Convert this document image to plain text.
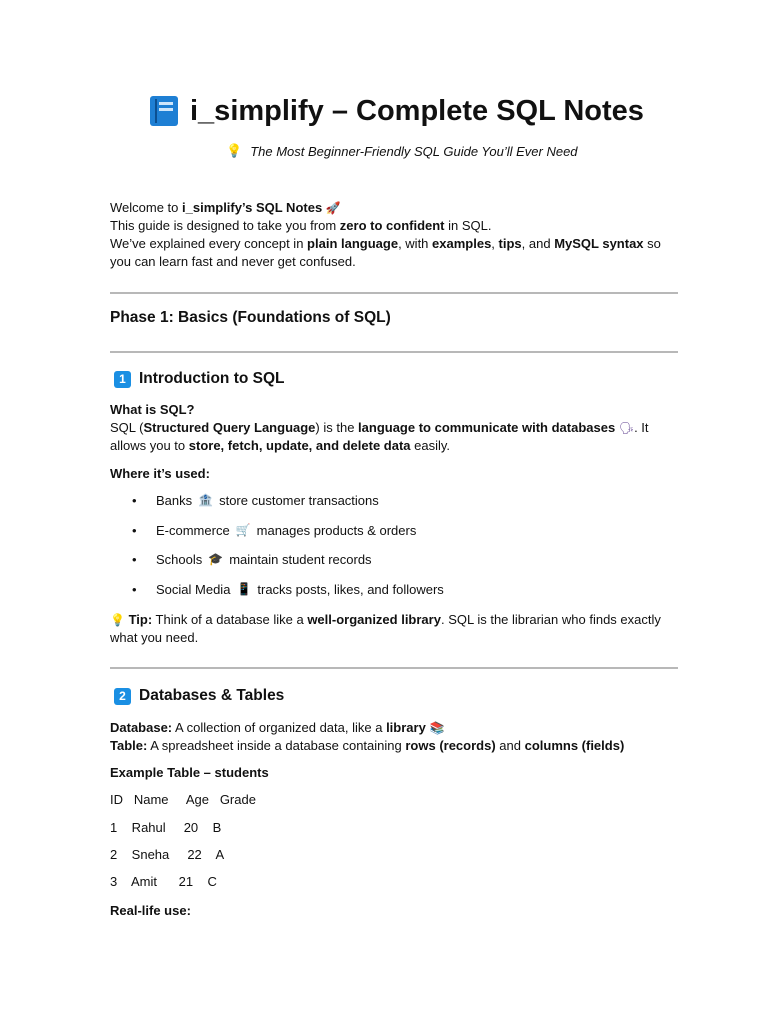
i_simplify – Complete SQL Notes
💡 The Most Beginner-Friendly SQL Guide You’ll Ever Need

Welcome to i_simplify’s SQL Notes 🚀

This guide is designed to take you from zero to confident in SQL.

We’ve explained every concept in plain language, with examples, tips, and MySQL syntax so you can learn fast and never get confused.

Phase 1: Basics (Foundations of SQL)
1 Introduction to SQL

What is SQL?

SQL (Structured Query Language) is the language to communicate with databases 🗣. It allows you to store, fetch, update, and delete data easily.

Where it’s used:

•
Banks 🏦 store customer transactions
•
E-commerce 🛒 manages products & orders
•
Schools 🎓 maintain student records
•
Social Media 📱 tracks posts, likes, and followers

💡 Tip: Think of a database like a well-organized library. SQL is the librarian who finds exactly what you need.

2 Databases & Tables

Database: A collection of organized data, like a library 📚

Table: A spreadsheet inside a database containing rows (records) and columns (fields)

Example Table – students

ID   Name     Age   Grade
1    Rahul     20    B
2    Sneha     22    A
3    Amit      21    C

Real-life use:
